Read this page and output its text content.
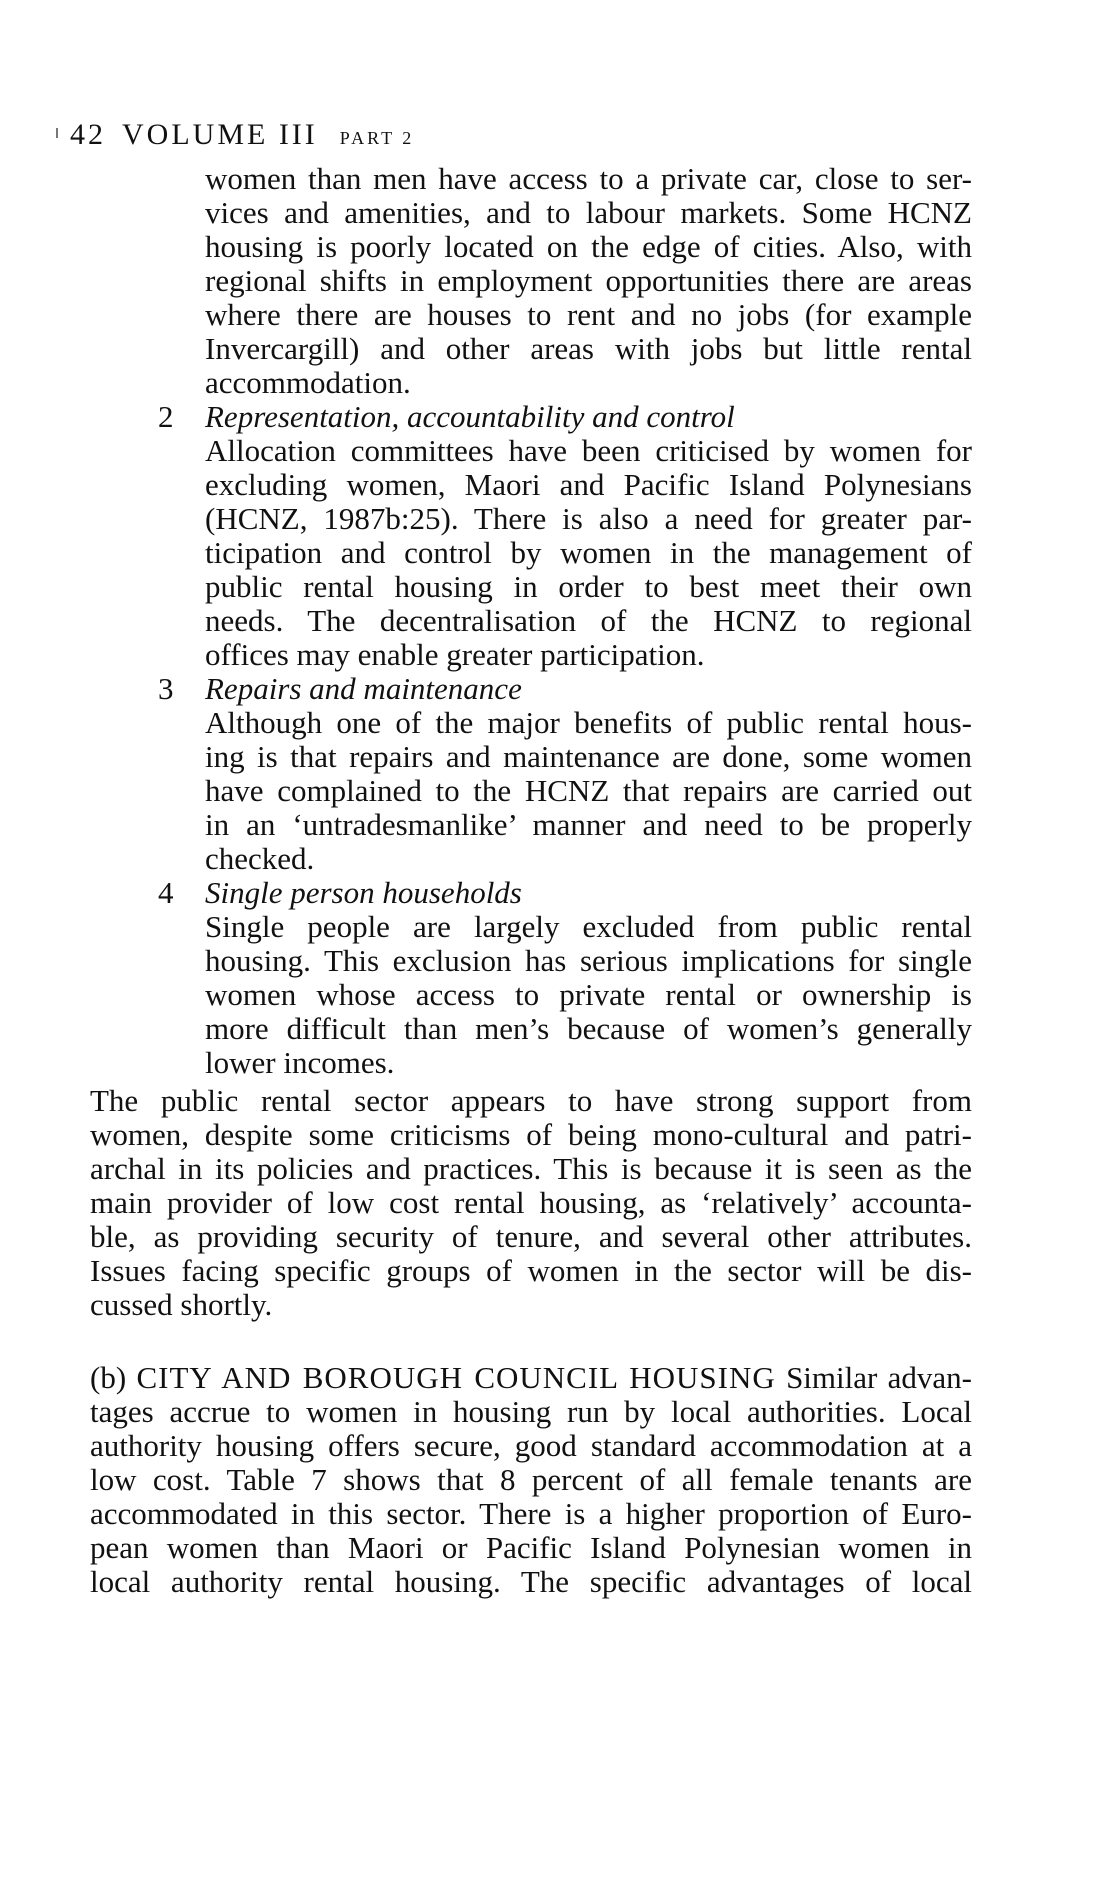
42 VOLUME III PART 2
women than men have access to a private car, close to ser-
vices and amenities, and to labour markets. Some HCNZ
housing is poorly located on the edge of cities. Also, with
regional shifts in employment opportunities there are areas
where there are houses to rent and no jobs (for example
Invercargill) and other areas with jobs but little rental
accommodation.
2 Representation, accountability and control
Allocation committees have been criticised by women for
excluding women, Maori and Pacific Island Polynesians
(HCNZ, 1987b:25). There is also a need for greater par-
ticipation and control by women in the management of
public rental housing in order to best meet their own
needs. The decentralisation of the HCNZ to regional
offices may enable greater participation.
3 Repairs and maintenance
Although one of the major benefits of public rental hous-
ing is that repairs and maintenance are done, some women
have complained to the HCNZ that repairs are carried out
in an ‘untradesmanlike’ manner and need to be properly
checked.
4 Single person households
Single people are largely excluded from public rental
housing. This exclusion has serious implications for single
women whose access to private rental or ownership is
more difficult than men’s because of women’s generally
lower incomes.
The public rental sector appears to have strong support from
women, despite some criticisms of being mono-cultural and patri-
archal in its policies and practices. This is because it is seen as the
main provider of low cost rental housing, as ‘relatively’ accounta-
ble, as providing security of tenure, and several other attributes.
Issues facing specific groups of women in the sector will be dis-
cussed shortly.
(b) CITY AND BOROUGH COUNCIL HOUSING Similar advan-
tages accrue to women in housing run by local authorities. Local
authority housing offers secure, good standard accommodation at a
low cost. Table 7 shows that 8 percent of all female tenants are
accommodated in this sector. There is a higher proportion of Euro-
pean women than Maori or Pacific Island Polynesian women in
local authority rental housing. The specific advantages of local
